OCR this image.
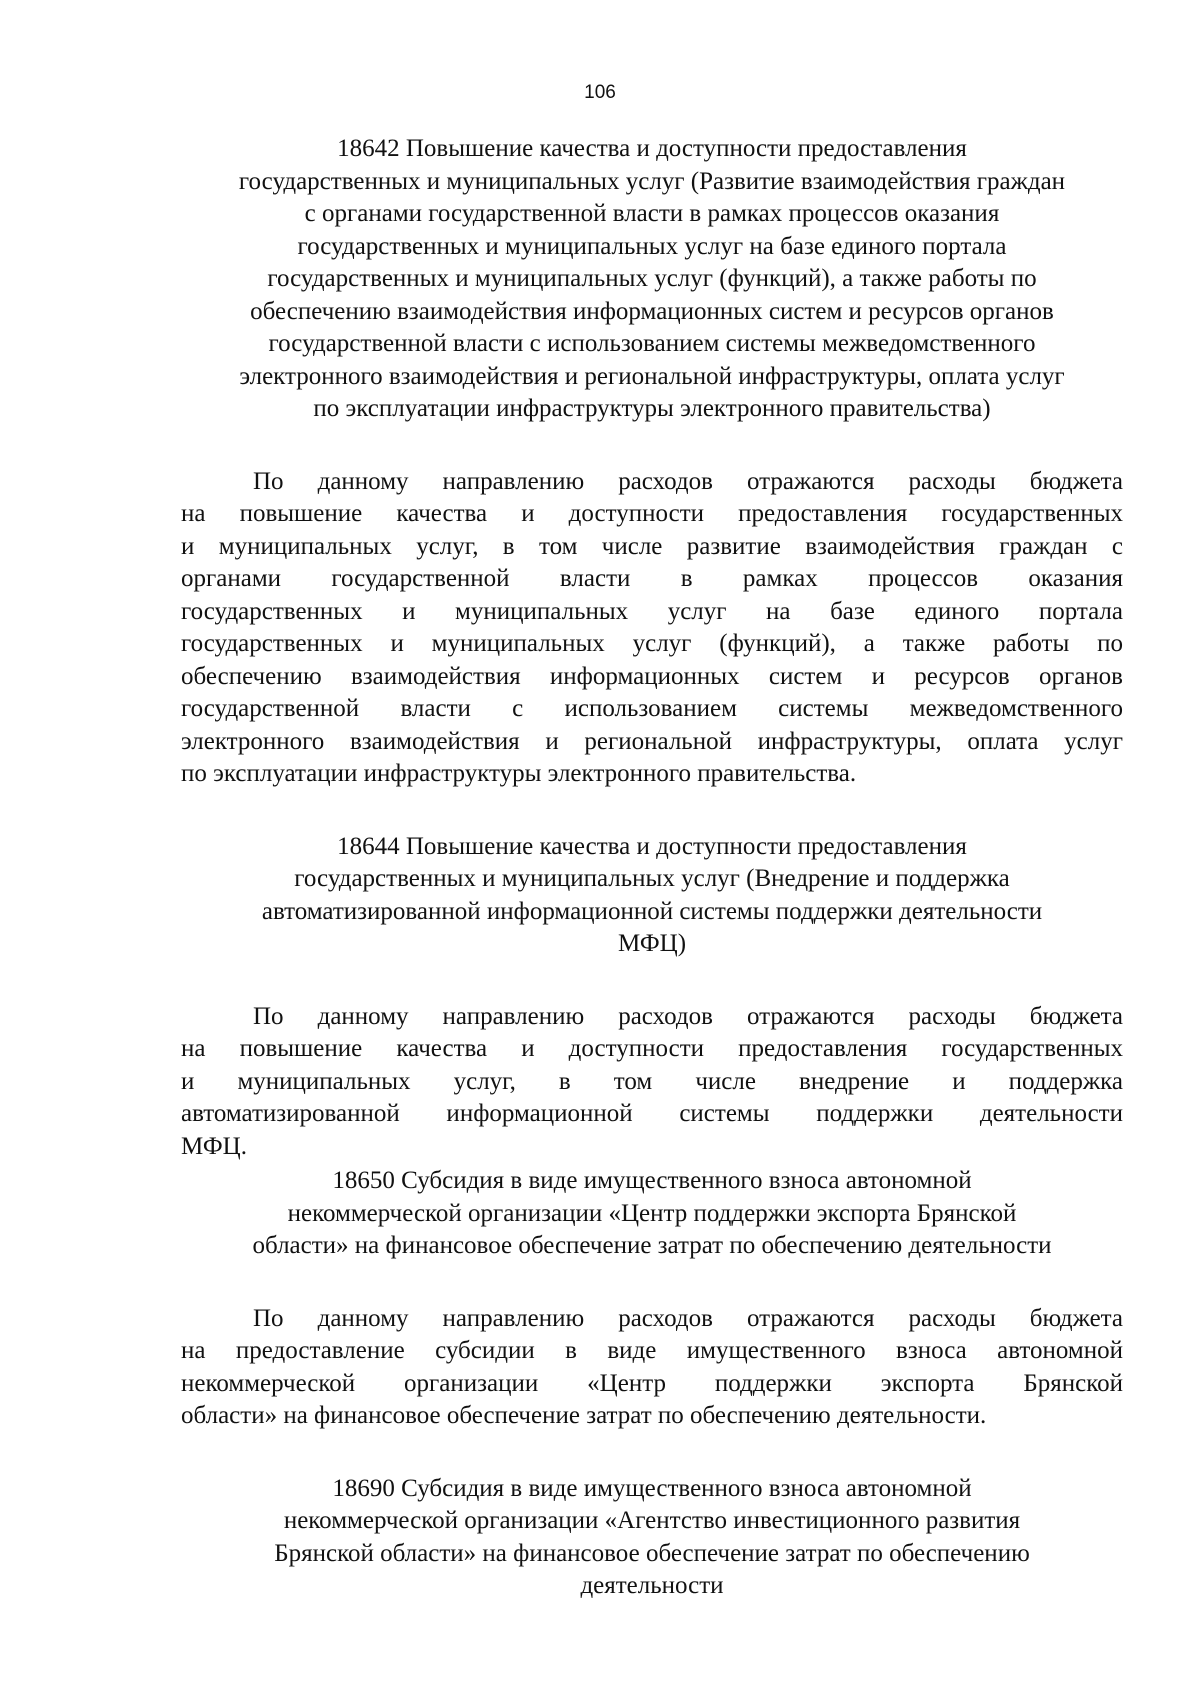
106
18642 Повышение качества и доступности предоставления
государственных и муниципальных услуг (Развитие взаимодействия граждан
с органами государственной власти в рамках процессов оказания
государственных и муниципальных услуг на базе единого портала
государственных и муниципальных услуг (функций), а также работы по
обеспечению взаимодействия информационных систем и ресурсов органов
государственной власти с использованием системы межведомственного
электронного взаимодействия и региональной инфраструктуры, оплата услуг
по эксплуатации инфраструктуры электронного правительства)
По данному направлению расходов отражаются расходы бюджета
на повышение качества и доступности предоставления государственных
и муниципальных услуг, в том числе развитие взаимодействия граждан с
органами государственной власти в рамках процессов оказания
государственных и муниципальных услуг на базе единого портала
государственных и муниципальных услуг (функций), а также работы по
обеспечению взаимодействия информационных систем и ресурсов органов
государственной власти с использованием системы межведомственного
электронного взаимодействия и региональной инфраструктуры, оплата услуг
по эксплуатации инфраструктуры электронного правительства.
18644 Повышение качества и доступности предоставления
государственных и муниципальных услуг (Внедрение и поддержка
автоматизированной информационной системы поддержки деятельности
МФЦ)
По данному направлению расходов отражаются расходы бюджета
на повышение качества и доступности предоставления государственных
и муниципальных услуг, в том числе внедрение и поддержка
автоматизированной информационной системы поддержки деятельности
МФЦ.
18650 Субсидия в виде имущественного взноса автономной
некоммерческой организации «Центр поддержки экспорта Брянской
области» на финансовое обеспечение затрат по обеспечению деятельности
По данному направлению расходов отражаются расходы бюджета
на предоставление субсидии в виде имущественного взноса автономной
некоммерческой организации «Центр поддержки экспорта Брянской
области» на финансовое обеспечение затрат по обеспечению деятельности.
18690 Субсидия в виде имущественного взноса автономной
некоммерческой организации «Агентство инвестиционного развития
Брянской области» на финансовое обеспечение затрат по обеспечению
деятельности
